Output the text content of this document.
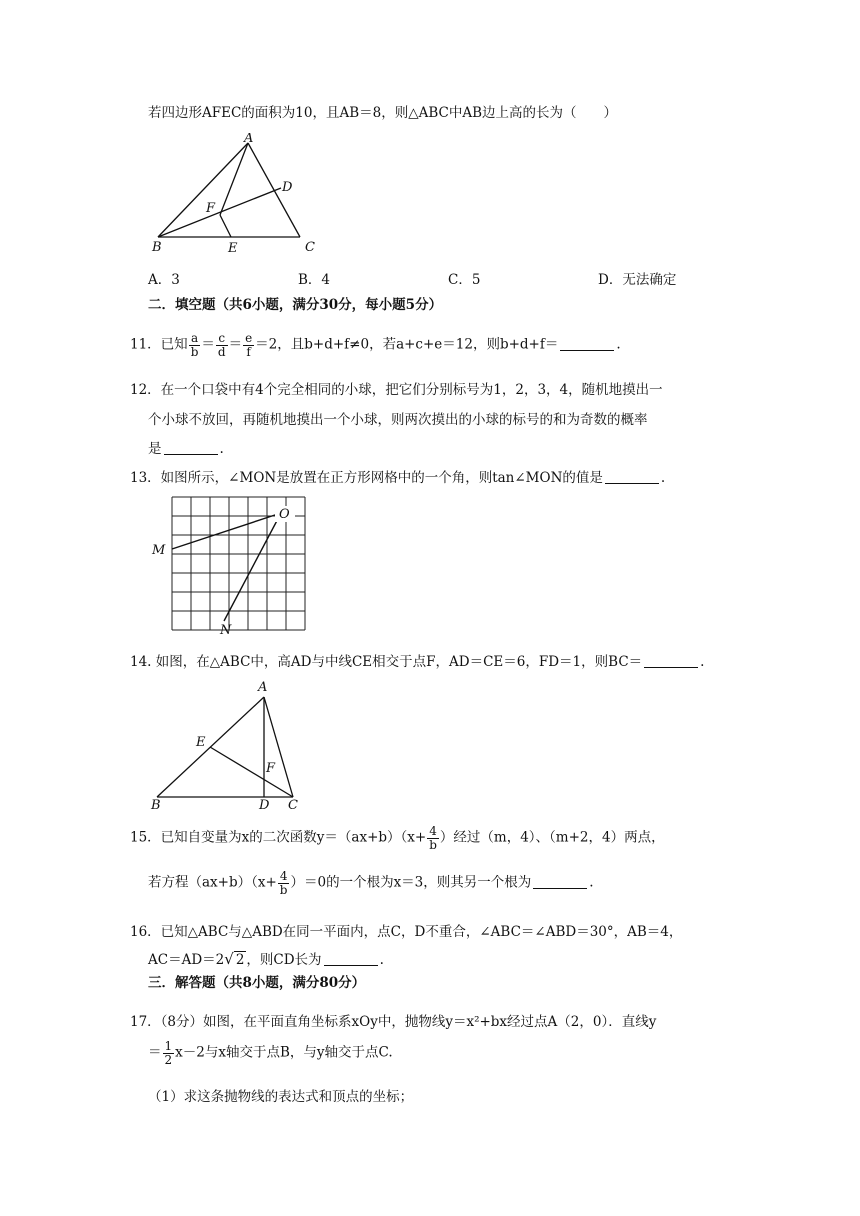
若四边形AFEC的面积为10，且AB＝8，则△ABC中AB边上高的长为（　　）
A
B	C
D
E
F
A．3	B．4	C．5	D．无法确定
二．填空题（共6小题，满分30分，每小题5分）
11．已知 $\frac{a}{b} = \frac{c}{d} = \frac{e}{f} =2$，且b+d+f≠0，若a+c+e＝12，则b+d+f＝	.
12．在一个口袋中有4个完全相同的小球，把它们分别标号为1，2，3，4，随机地摸出一
个小球不放回，再随机地摸出一个小球，则两次摸出的小球的标号的和为奇数的概率
是	.
13．如图所示，∠MON是放置在正方形网格中的一个角，则tan∠MON的值是	.
O
M
N
14. 如图，在△ABC中，高AD与中线CE相交于点F，AD＝CE＝6，FD＝1，则BC＝	.
A
B	C
D
E
F
15．已知自变量为x的二次函数$y=(ax+b)(x+ \frac{4}{b}$ ）经过（m，4）、（m+2，4）两点，
若方程$(ax+b)(x+ \frac{4}{b} )=0$的一个根为x＝3，则其另一个根为	.
16．已知△ABC与△ABD在同一平面内，点C，D不重合，∠ABC＝∠ABD＝30°，AB＝4，
AC＝AD＝2√ 2 ，则CD长为	.
三．解答题（共8小题，满分80分）
17．（8分）如图，在平面直角坐标系xOy中，抛物线y＝x²+bx经过点A（2，0）．直线y
＝ $\frac{1}{2} x-2$与x轴交于点B，与y轴交于点C.
（1）求这条抛物线的表达式和顶点的坐标；
